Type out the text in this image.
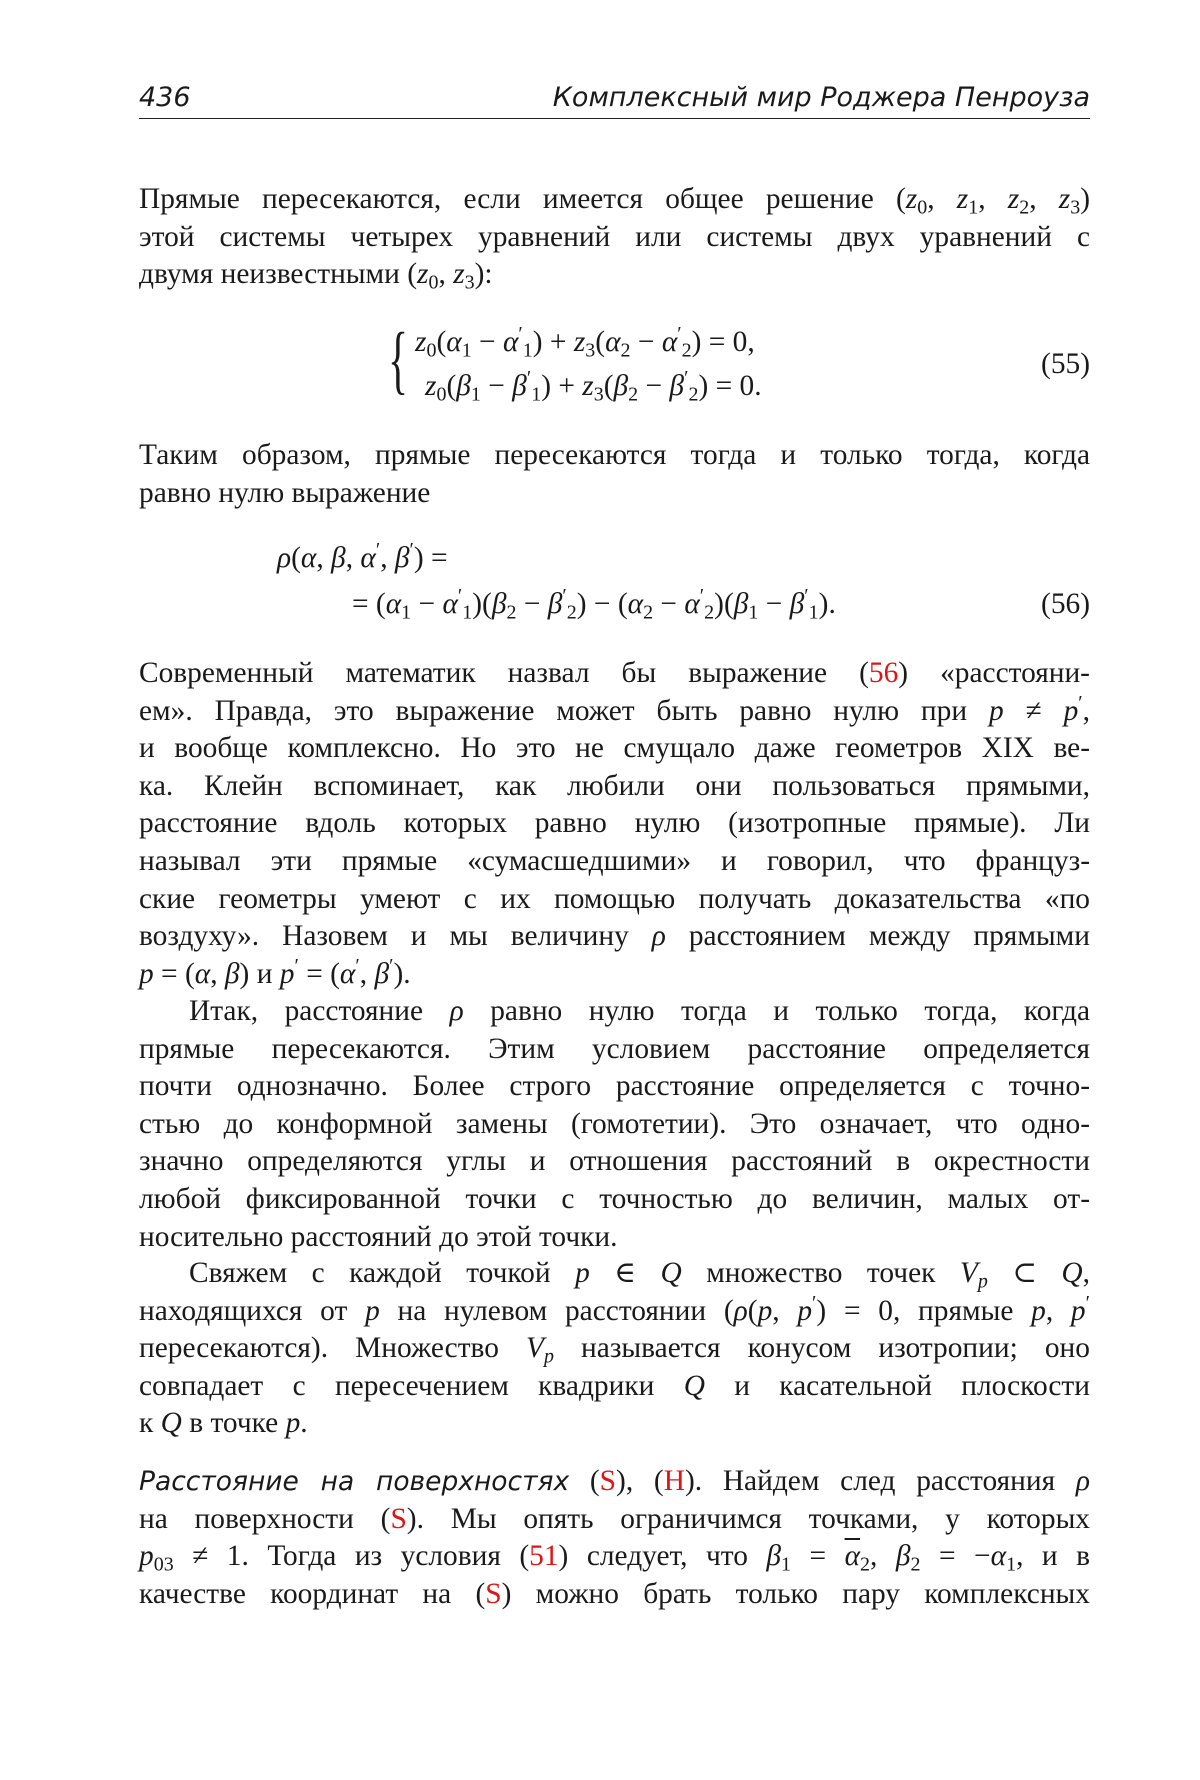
436	Комплексный мир Роджера Пенроуза
Прямые пересекаются, если имеется общее решение ($z_0$, $z_1$, $z_2$, $z_3$)
этой системы четырех уравнений или системы двух уравнений с
двумя неизвестными ($z_0$, $z_3$):
{ $z_0(\alpha_1 - \alpha'_1) + z_3(\alpha_2 - \alpha'_2) = 0$,
$z_0(\beta_1 - \beta'_1) + z_3(\beta_2 - \beta'_2) = 0$.
(55)
Таким образом, прямые пересекаются тогда и только тогда, когда
равно нулю выражение
ρ(α, β, α′, β′) =
= $(\alpha_1 - \alpha'_1)(\beta_2 - \beta'_2) - (\alpha_2 - \alpha'_2)(\beta_1 - \beta'_1)$.	(56)
Современный математик назвал бы выражение (56) «расстояни-
ем». Правда, это выражение может быть равно нулю при p ≠ p′,
и вообще комплексно. Но это не смущало даже геометров XIX ве-
ка. Клейн вспоминает, как любили они пользоваться прямыми,
расстояние вдоль которых равно нулю (изотропные прямые). Ли
называл эти прямые «сумасшедшими» и говорил, что француз-
ские геометры умеют с их помощью получать доказательства «по
воздуху». Назовем и мы величину ρ расстоянием между прямыми
p = (α, β) и p′ = (α′, β′).
Итак, расстояние ρ равно нулю тогда и только тогда, когда
прямые пересекаются. Этим условием расстояние определяется
почти однозначно. Более строго расстояние определяется с точно-
стью до конформной замены (гомотетии). Это означает, что одно-
значно определяются углы и отношения расстояний в окрестности
любой фиксированной точки с точностью до величин, малых от-
носительно расстояний до этой точки.
Свяжем с каждой точкой p ∈ Q множество точек $V_p$ ⊂ Q,
находящихся от p на нулевом расстоянии (ρ(p, p′) = 0, прямые p, p′
пересекаются). Множество $V_p$ называется конусом изотропии; оно
совпадает с пересечением квадрики Q и касательной плоскости
к Q в точке p.
Расстояние на поверхностях (S), (H). Найдем след расстояния ρ
на поверхности (S). Мы опять ограничимся точками, у которых
$p_{03} \ne 1$. Тогда из условия (51) следует, что $\beta_1 = \overline{\alpha}_2$, $\beta_2 = -\alpha_1$, и в
качестве координат на (S) можно брать только пару комплексных
